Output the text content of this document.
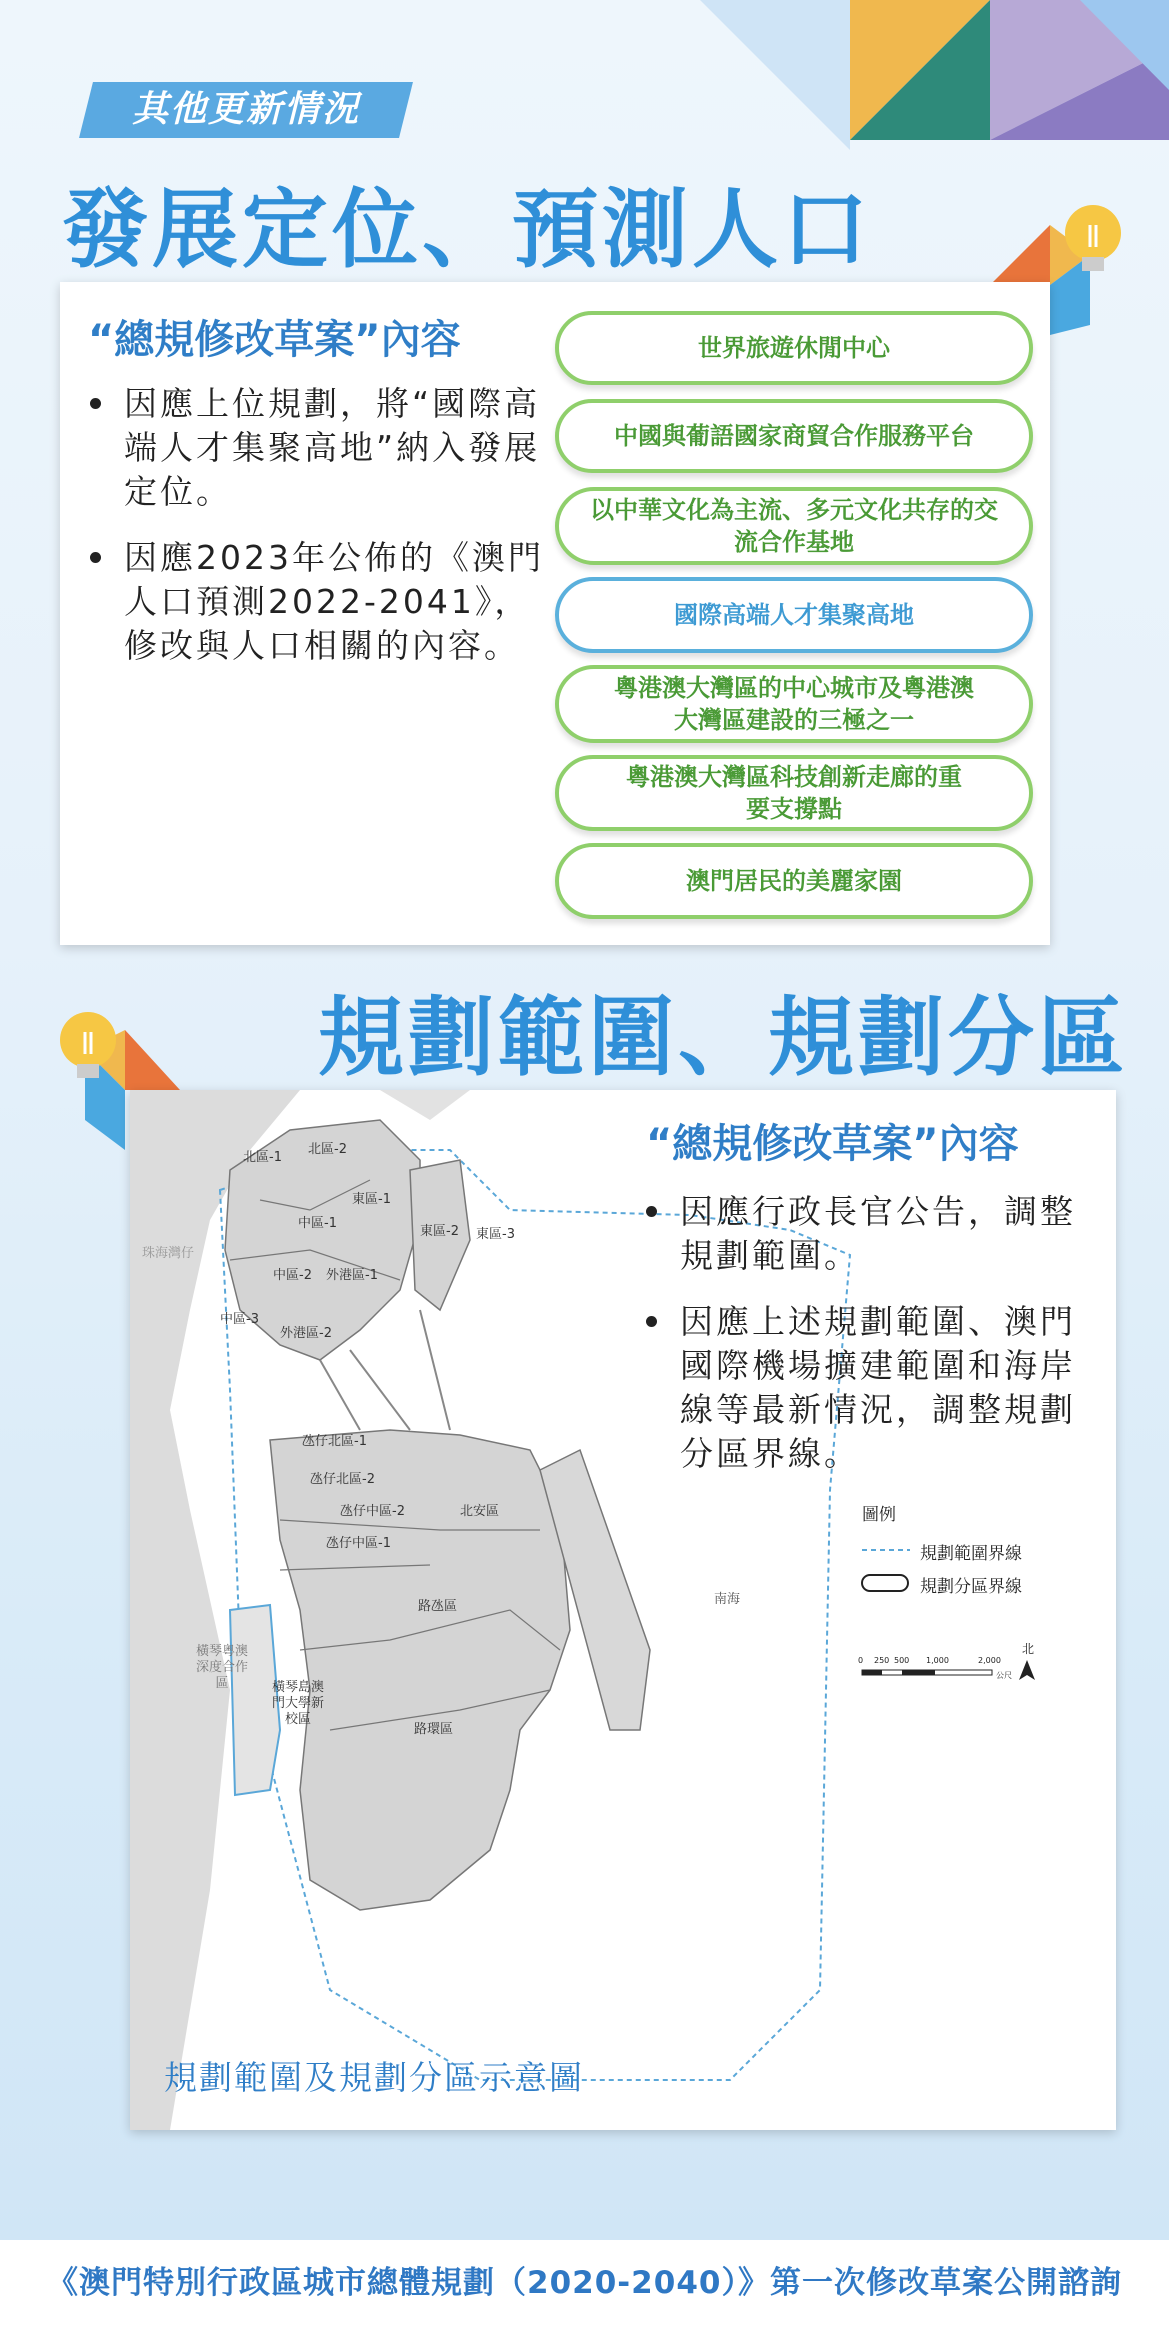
其他更新情況
發展定位、預測人口
“總規修改草案”內容
因應上位規劃，將“國際高端人才集聚高地”納入發展定位。
因應2023年公佈的《澳門人口預測2022-2041》，修改與人口相關的內容。
世界旅遊休閒中心
中國與葡語國家商貿合作服務平台
以中華文化為主流、多元文化共存的交流合作基地
國際高端人才集聚高地
粵港澳大灣區的中心城市及粵港澳大灣區建設的三極之一
粵港澳大灣區科技創新走廊的重要支撐點
澳門居民的美麗家園
規劃範圍、規劃分區
“總規修改草案”內容
因應行政長官公告，調整規劃範圍。
因應上述規劃範圍、澳門國際機場擴建範圍和海岸線等最新情況，調整規劃分區界線。
圖例
規劃範圍界線
規劃分區界線
0 250 500 1,000	2,000
公尺
北
北區-1
北區-2
東區-1
東區-2 東區-3
中區-1
中區-2
中區-3
外港區-1
外港區-2
氹仔北區-1
氹仔北區-2
氹仔中區-2
氹仔中區-1
北安區
路氹區
路環區
橫琴島澳門大學新校區
珠海灣仔
橫琴粵澳深度合作區
南海
規劃範圍及規劃分區示意圖
《澳門特別行政區城市總體規劃（2020-2040）》第一次修改草案公開諮詢
